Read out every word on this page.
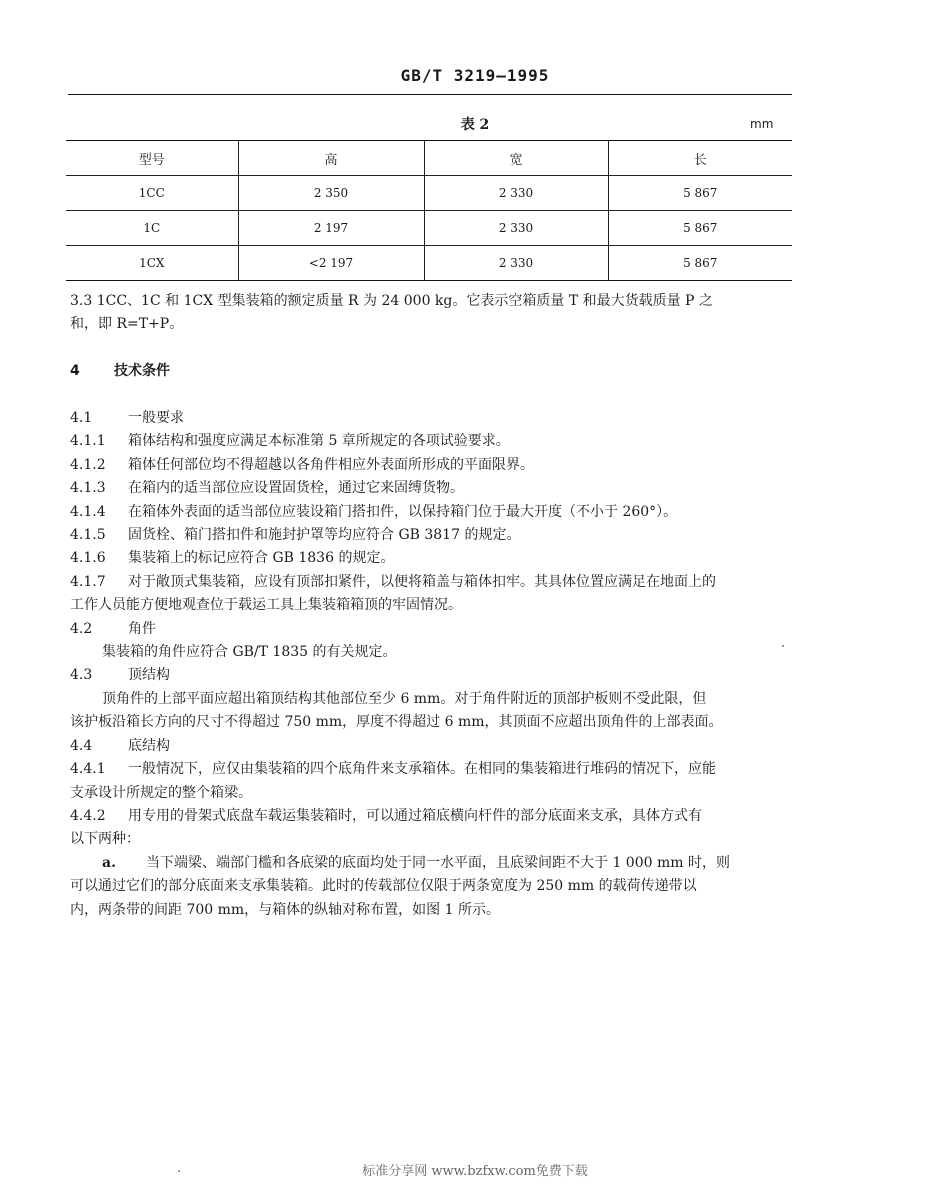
GB/T 3219—1995
表 2	mm
型号	高	宽	长
1CC	2 350	2 330	5 867
1C	2 197	2 330	5 867
1CX	<2 197	2 330	5 867

3.3 1CC、1C 和 1CX 型集装箱的额定质量 R 为 24 000 kg。它表示空箱质量 T 和最大货载质量 P 之

和，即 R=T+P。

4 技术条件

4.1	一般要求

4.1.1 箱体结构和强度应满足本标准第 5 章所规定的各项试验要求。

4.1.2 箱体任何部位均不得超越以各角件相应外表面所形成的平面限界。

4.1.3 在箱内的适当部位应设置固货栓，通过它来固缚货物。

4.1.4 在箱体外表面的适当部位应装设箱门搭扣件，以保持箱门位于最大开度（不小于 260°）。

4.1.5 固货栓、箱门搭扣件和施封护罩等均应符合 GB 3817 的规定。

4.1.6 集装箱上的标记应符合 GB 1836 的规定。

4.1.7 对于敞顶式集装箱，应设有顶部扣紧件，以便将箱盖与箱体扣牢。其具体位置应满足在地面上的

工作人员能方便地观查位于载运工具上集装箱箱顶的牢固情况。

4.2	角件

集装箱的角件应符合 GB/T 1835 的有关规定。

4.3	顶结构

顶角件的上部平面应超出箱顶结构其他部位至少 6 mm。对于角件附近的顶部护板则不受此限，但

该护板沿箱长方向的尺寸不得超过 750 mm，厚度不得超过 6 mm，其顶面不应超出顶角件的上部表面。

4.4	底结构

4.4.1 一般情况下，应仅由集装箱的四个底角件来支承箱体。在相同的集装箱进行堆码的情况下，应能

支承设计所规定的整个箱梁。

4.4.2 用专用的骨架式底盘车载运集装箱时，可以通过箱底横向杆件的部分底面来支承，具体方式有

以下两种：

a. 当下端梁、端部门槛和各底梁的底面均处于同一水平面，且底梁间距不大于 1 000 mm 时，则

可以通过它们的部分底面来支承集装箱。此时的传载部位仅限于两条宽度为 250 mm 的载荷传递带以

内，两条带的间距 700 mm，与箱体的纵轴对称布置，如图 1 所示。

标准分享网 www.bzfxw.com免费下载
